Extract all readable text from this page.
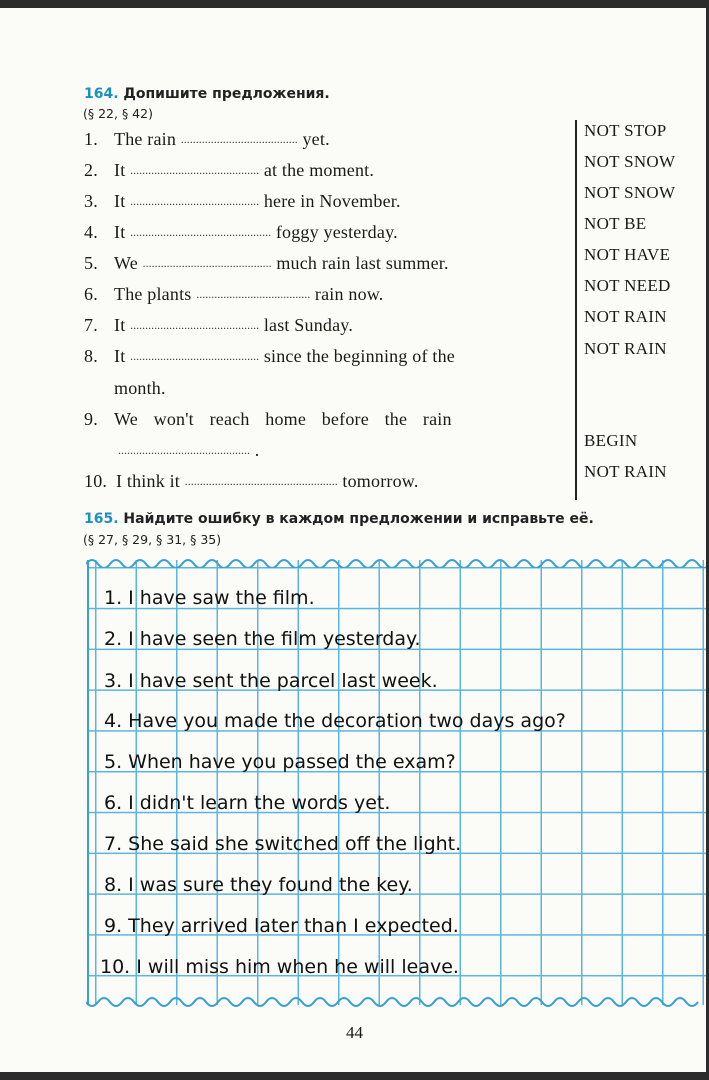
164. Допишите предложения.
(§ 22, § 42)
1. The rain ....................................... yet.
2. It ........................................... at the moment.
3. It ........................................... here in November.
4. It ............................................... foggy yesterday.
5. We ........................................... much rain last summer.
6. The plants ...................................... rain now.
7. It ........................................... last Sunday.
8. It ........................................... since the beginning of the
month.
9. We won't reach home before the rain
............................................ .
10. I think it ................................................... tomorrow.
NOT STOP
NOT SNOW
NOT SNOW
NOT BE
NOT HAVE
NOT NEED
NOT RAIN
NOT RAIN
BEGIN
NOT RAIN
165. Найдите ошибку в каждом предложении и исправьте её.
(§ 27, § 29, § 31, § 35)
1. I have saw the film.
2. I have seen the film yesterday.
3. I have sent the parcel last week.
4. Have you made the decoration two days ago?
5. When have you passed the exam?
6. I didn't learn the words yet.
7. She said she switched off the light.
8. I was sure they found the key.
9. They arrived later than I expected.
10. I will miss him when he will leave.
44
